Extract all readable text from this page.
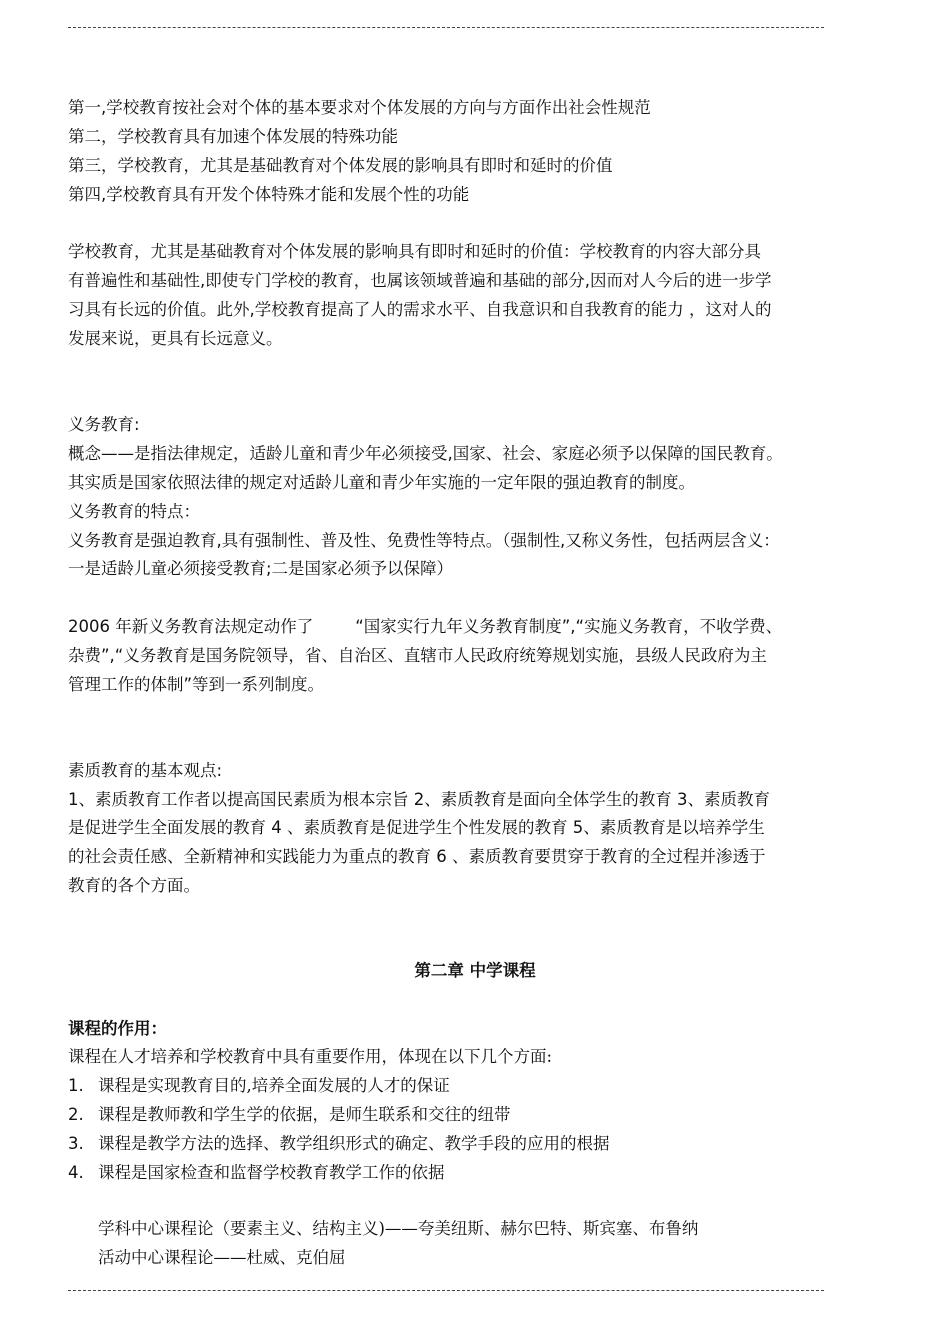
第一,学校教育按社会对个体的基本要求对个体发展的方向与方面作出社会性规范
第二，学校教育具有加速个体发展的特殊功能
第三，学校教育，尤其是基础教育对个体发展的影响具有即时和延时的价值
第四,学校教育具有开发个体特殊才能和发展个性的功能
学校教育，尤其是基础教育对个体发展的影响具有即时和延时的价值：学校教育的内容大部分具
有普遍性和基础性,即使专门学校的教育，也属该领域普遍和基础的部分,因而对人今后的进一步学
习具有长远的价值。此外,学校教育提高了人的需求水平、自我意识和自我教育的能力 ，这对人的
发展来说，更具有长远意义。
义务教育:
概念——是指法律规定，适龄儿童和青少年必须接受,国家、社会、家庭必须予以保障的国民教育。
其实质是国家依照法律的规定对适龄儿童和青少年实施的一定年限的强迫教育的制度。
义务教育的特点：
义务教育是强迫教育,具有强制性、普及性、免费性等特点。（强制性,又称义务性，包括两层含义：
一是适龄儿童必须接受教育;二是国家必须予以保障）
2006 年新义务教育法规定动作了        “国家实行九年义务教育制度”,“实施义务教育，不收学费、
杂费”,“义务教育是国务院领导，省、自治区、直辖市人民政府统筹规划实施，县级人民政府为主
管理工作的体制”等到一系列制度。
素质教育的基本观点:
1、素质教育工作者以提高国民素质为根本宗旨 2、素质教育是面向全体学生的教育 3、素质教育
是促进学生全面发展的教育 4 、素质教育是促进学生个性发展的教育 5、素质教育是以培养学生
的社会责任感、全新精神和实践能力为重点的教育 6 、素质教育要贯穿于教育的全过程并渗透于
教育的各个方面。
第二章 中学课程
课程的作用：
课程在人才培养和学校教育中具有重要作用，体现在以下几个方面:
1. 课程是实现教育目的,培养全面发展的人才的保证
2. 课程是教师教和学生学的依据，是师生联系和交往的纽带
3. 课程是教学方法的选择、教学组织形式的确定、教学手段的应用的根据
4. 课程是国家检查和监督学校教育教学工作的依据
学科中心课程论（要素主义、结构主义)——夸美纽斯、赫尔巴特、斯宾塞、布鲁纳
活动中心课程论——杜威、克伯屈
